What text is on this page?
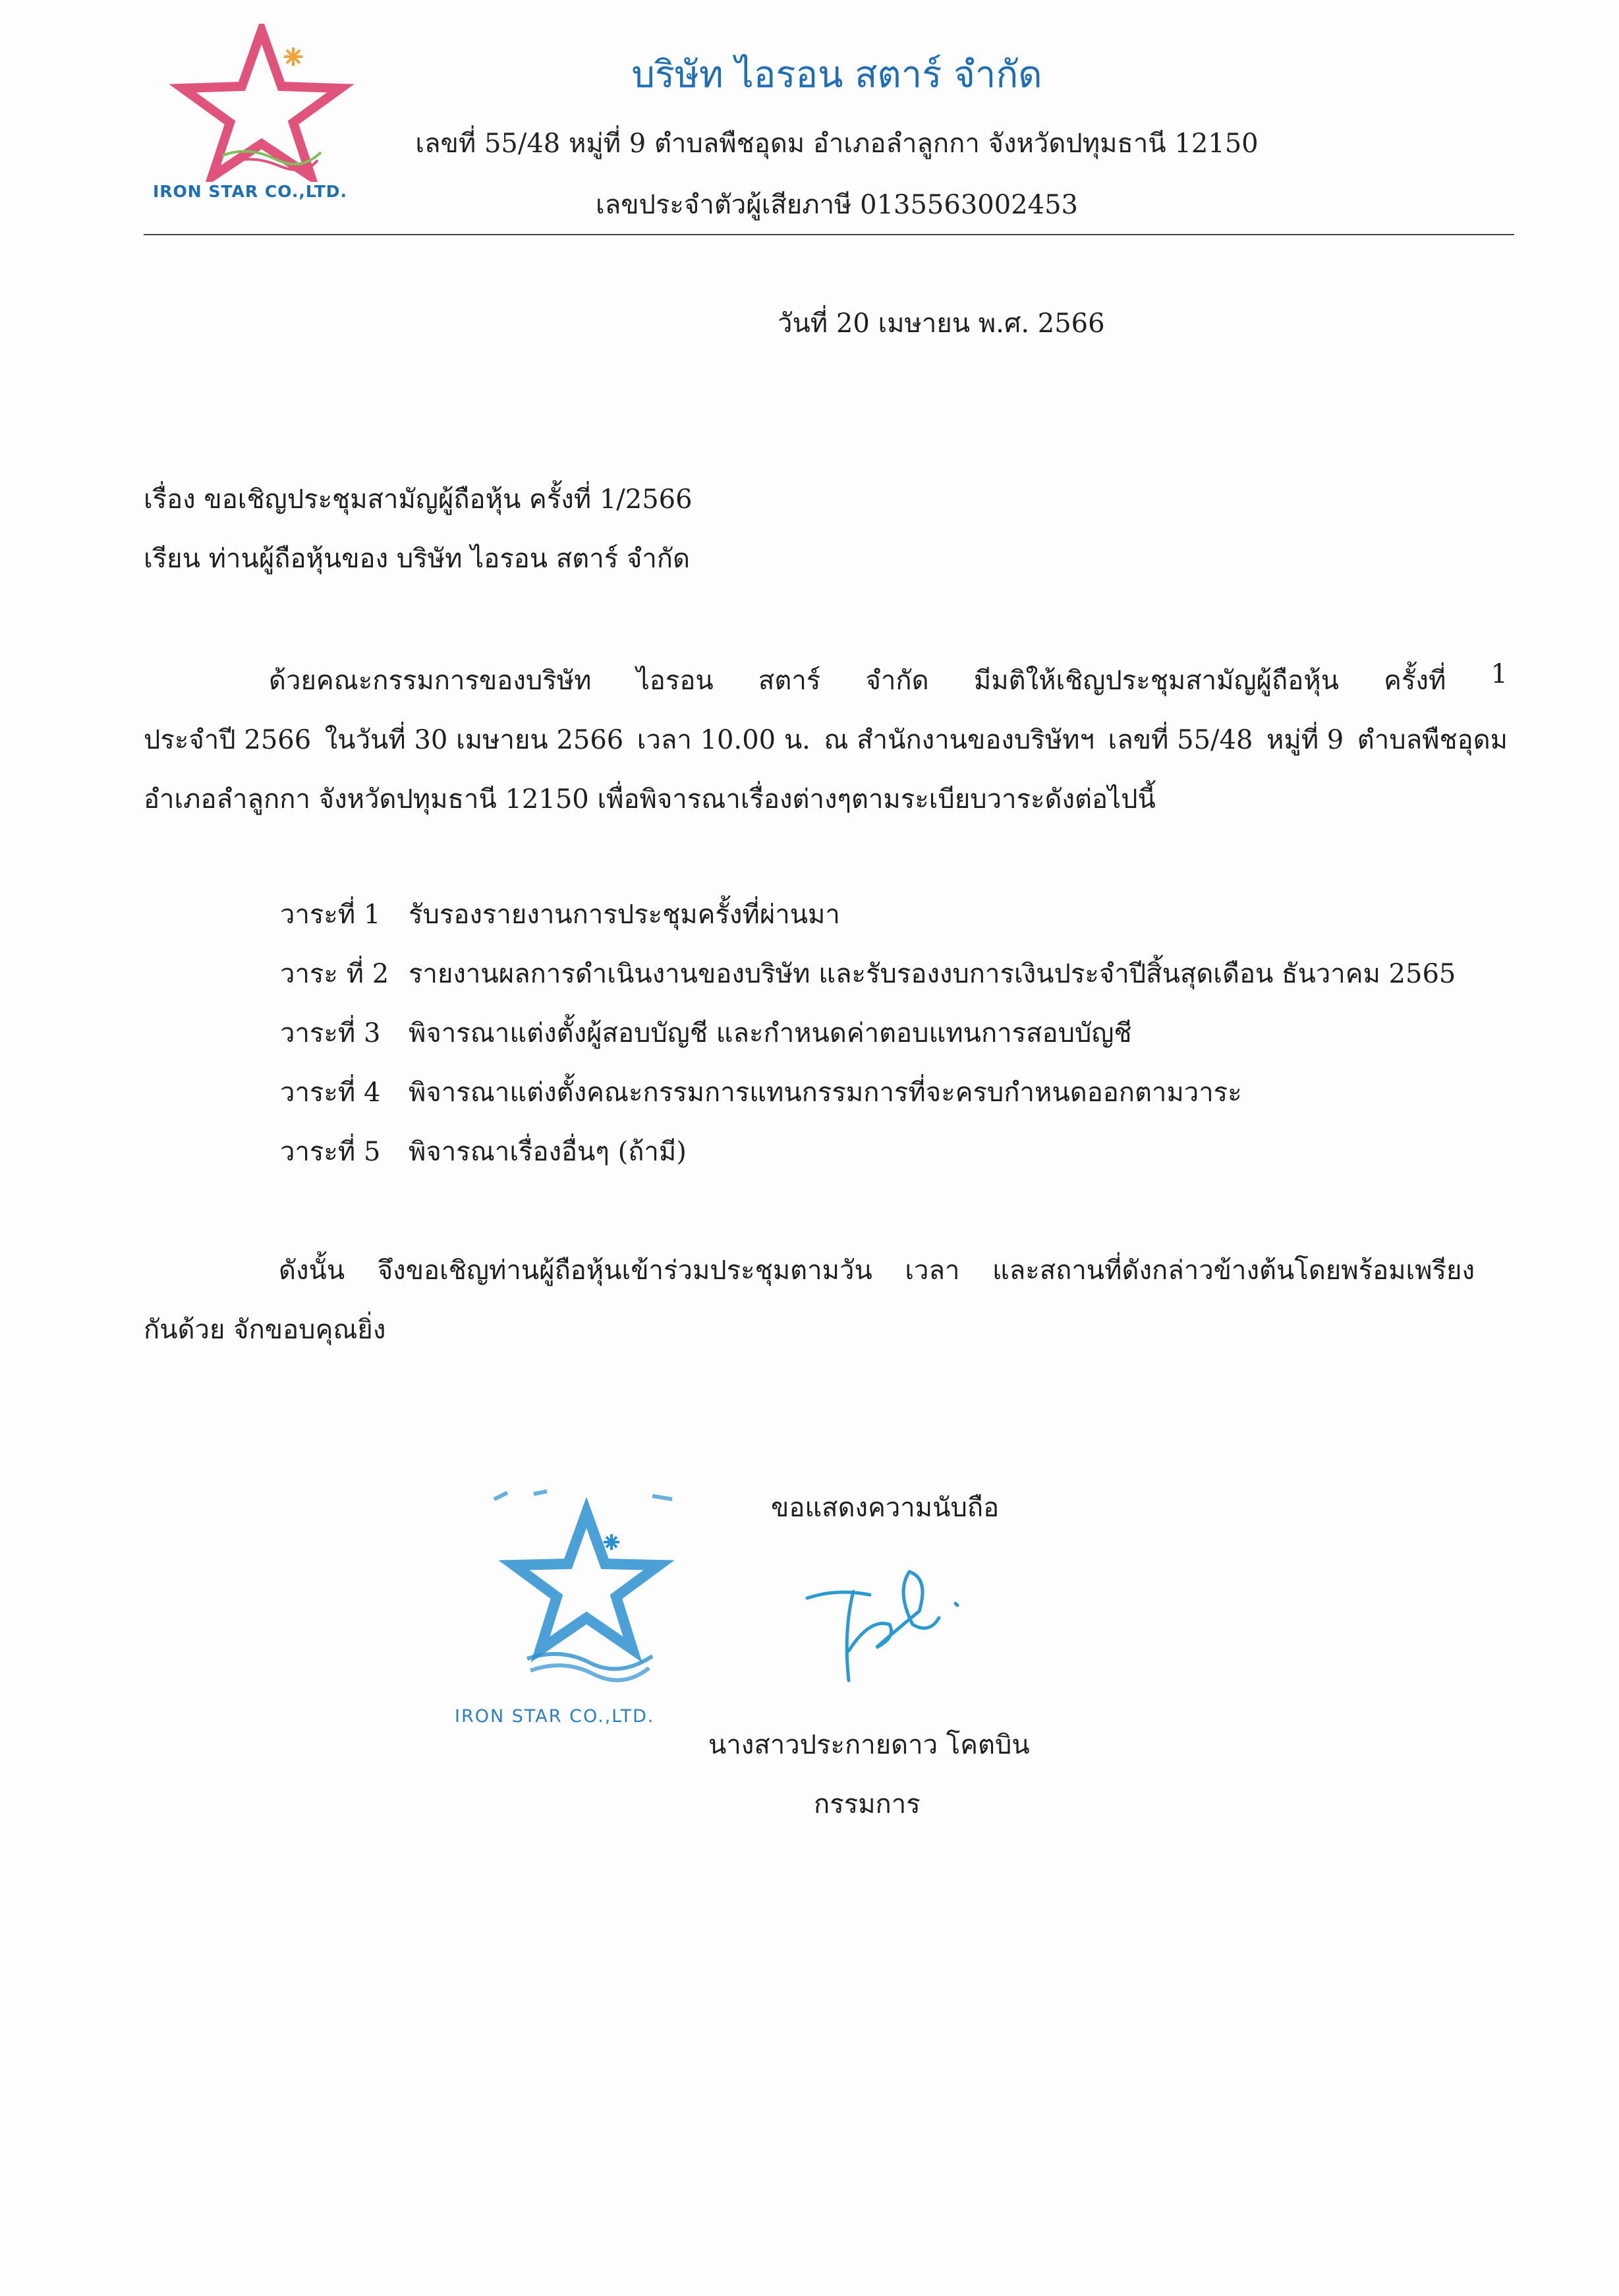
IRON STAR CO.,LTD.
บริษัท ไอรอน สตาร์ จำกัด
เลขที่ 55/48 หมู่ที่ 9 ตำบลพืชอุดม อำเภอลำลูกกา จังหวัดปทุมธานี 12150
เลขประจำตัวผู้เสียภาษี 0135563002453
วันที่ 20 เมษายน พ.ศ. 2566
เรื่อง ขอเชิญประชุมสามัญผู้ถือหุ้น ครั้งที่ 1/2566
เรียน ท่านผู้ถือหุ้นของ บริษัท ไอรอน สตาร์ จำกัด
ด้วยคณะกรรมการของบริษัท ไอรอน สตาร์ จำกัด มีมติให้เชิญประชุมสามัญผู้ถือหุ้น ครั้งที่ 1
ประจำปี 2566 ในวันที่ 30 เมษายน 2566 เวลา 10.00 น. ณ สำนักงานของบริษัทฯ เลขที่ 55/48 หมู่ที่ 9 ตำบลพืชอุดม
อำเภอลำลูกกา จังหวัดปทุมธานี 12150 เพื่อพิจารณาเรื่องต่างๆตามระเบียบวาระดังต่อไปนี้
วาระที่ 1 รับรองรายงานการประชุมครั้งที่ผ่านมา
วาระ ที่ 2 รายงานผลการดำเนินงานของบริษัท และรับรองงบการเงินประจำปีสิ้นสุดเดือน ธันวาคม 2565
วาระที่ 3 พิจารณาแต่งตั้งผู้สอบบัญชี และกำหนดค่าตอบแทนการสอบบัญชี
วาระที่ 4 พิจารณาแต่งตั้งคณะกรรมการแทนกรรมการที่จะครบกำหนดออกตามวาระ
วาระที่ 5 พิจารณาเรื่องอื่นๆ (ถ้ามี)
ดังนั้น จึงขอเชิญท่านผู้ถือหุ้นเข้าร่วมประชุมตามวัน เวลา และสถานที่ดังกล่าวข้างต้นโดยพร้อมเพรียง
กันด้วย จักขอบคุณยิ่ง
ขอแสดงความนับถือ
IRON STAR CO.,LTD.
นางสาวประกายดาว โคตบิน
กรรมการ
